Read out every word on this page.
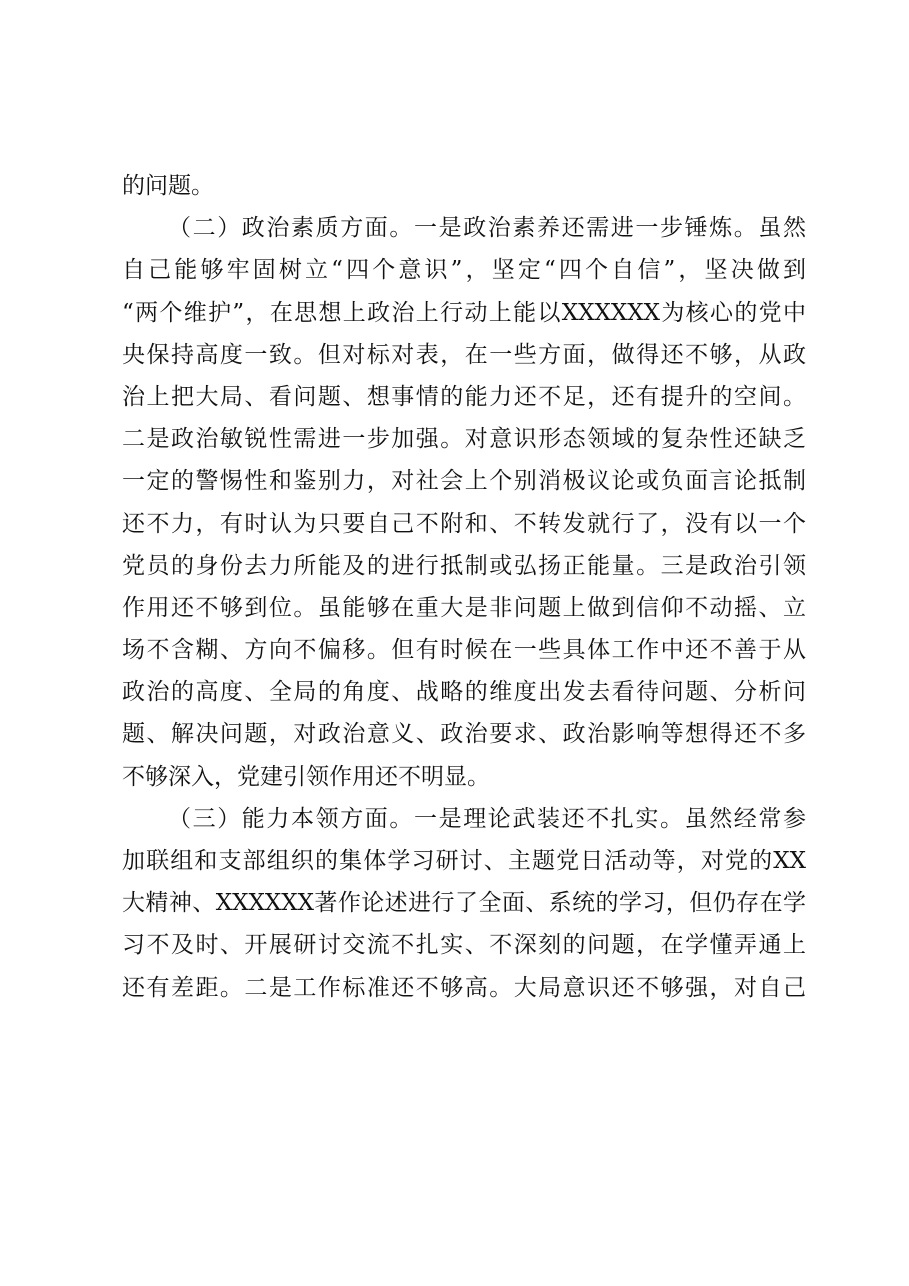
的问题。
（二）政治素质方面。一是政治素养还需进一步锤炼。虽然
自己能够牢固树立“四个意识”，坚定“四个自信”，坚决做到
“两个维护”，在思想上政治上行动上能以XXXXXX为核心的党中
央保持高度一致。但对标对表，在一些方面，做得还不够，从政
治上把大局、看问题、想事情的能力还不足，还有提升的空间。
二是政治敏锐性需进一步加强。对意识形态领域的复杂性还缺乏
一定的警惕性和鉴别力，对社会上个别消极议论或负面言论抵制
还不力，有时认为只要自己不附和、不转发就行了，没有以一个
党员的身份去力所能及的进行抵制或弘扬正能量。三是政治引领
作用还不够到位。虽能够在重大是非问题上做到信仰不动摇、立
场不含糊、方向不偏移。但有时候在一些具体工作中还不善于从
政治的高度、全局的角度、战略的维度出发去看待问题、分析问
题、解决问题，对政治意义、政治要求、政治影响等想得还不多
不够深入，党建引领作用还不明显。
（三）能力本领方面。一是理论武装还不扎实。虽然经常参
加联组和支部组织的集体学习研讨、主题党日活动等，对党的XX
大精神、XXXXXX著作论述进行了全面、系统的学习，但仍存在学
习不及时、开展研讨交流不扎实、不深刻的问题，在学懂弄通上
还有差距。二是工作标准还不够高。大局意识还不够强，对自己
